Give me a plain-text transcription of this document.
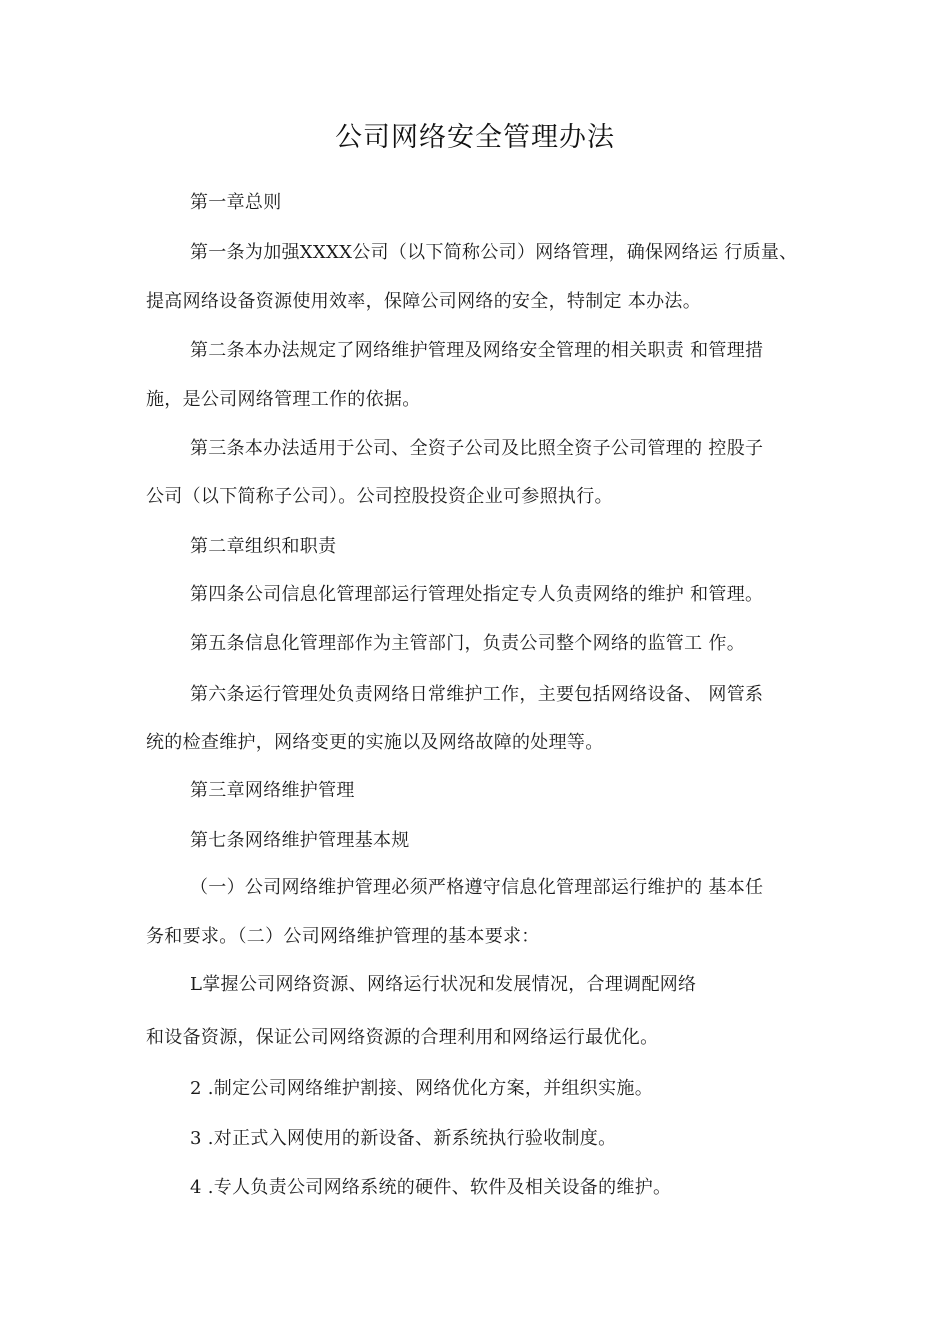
公司网络安全管理办法
第一章总则
第一条为加强XXXX公司（以下简称公司）网络管理，确保网络运 行质量、
提高网络设备资源使用效率，保障公司网络的安全，特制定 本办法。
第二条本办法规定了网络维护管理及网络安全管理的相关职责 和管理措
施，是公司网络管理工作的依据。
第三条本办法适用于公司、全资子公司及比照全资子公司管理的 控股子
公司（以下简称子公司）。公司控股投资企业可参照执行。
第二章组织和职责
第四条公司信息化管理部运行管理处指定专人负责网络的维护 和管理。
第五条信息化管理部作为主管部门，负责公司整个网络的监管工 作。
第六条运行管理处负责网络日常维护工作，主要包括网络设备、 网管系
统的检查维护，网络变更的实施以及网络故障的处理等。
第三章网络维护管理
第七条网络维护管理基本规
（一）公司网络维护管理必须严格遵守信息化管理部运行维护的 基本任
务和要求。（二）公司网络维护管理的基本要求：
L掌握公司网络资源、网络运行状况和发展情况，合理调配网络
和设备资源，保证公司网络资源的合理利用和网络运行最优化。
2 .制定公司网络维护割接、网络优化方案，并组织实施。
3 .对正式入网使用的新设备、新系统执行验收制度。
4 .专人负责公司网络系统的硬件、软件及相关设备的维护。
